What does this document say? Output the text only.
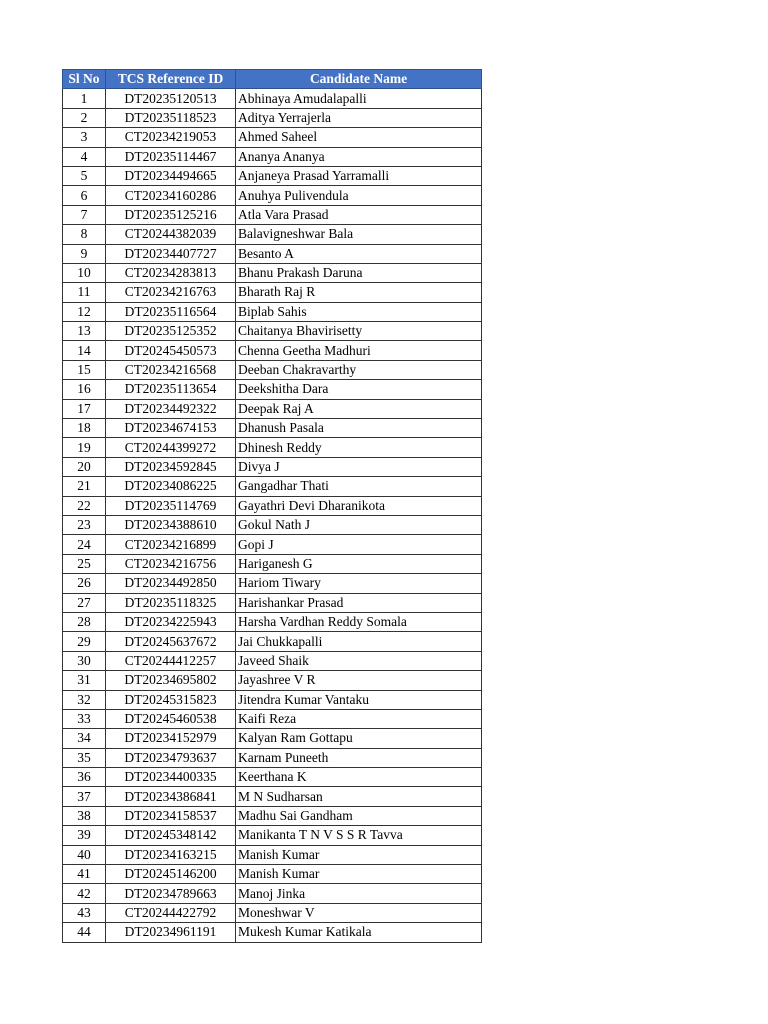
Sl No	TCS Reference ID	Candidate Name
1	DT20235120513	Abhinaya Amudalapalli
2	DT20235118523	Aditya Yerrajerla
3	CT20234219053	Ahmed Saheel
4	DT20235114467	Ananya Ananya
5	DT20234494665	Anjaneya Prasad Yarramalli
6	CT20234160286	Anuhya Pulivendula
7	DT20235125216	Atla Vara Prasad
8	CT20244382039	Balavigneshwar Bala
9	DT20234407727	Besanto A
10	CT20234283813	Bhanu Prakash Daruna
11	CT20234216763	Bharath Raj R
12	DT20235116564	Biplab Sahis
13	DT20235125352	Chaitanya Bhavirisetty
14	DT20245450573	Chenna Geetha Madhuri
15	CT20234216568	Deeban Chakravarthy
16	DT20235113654	Deekshitha Dara
17	DT20234492322	Deepak Raj A
18	DT20234674153	Dhanush Pasala
19	CT20244399272	Dhinesh Reddy
20	DT20234592845	Divya J
21	DT20234086225	Gangadhar Thati
22	DT20235114769	Gayathri Devi Dharanikota
23	DT20234388610	Gokul Nath J
24	CT20234216899	Gopi J
25	CT20234216756	Hariganesh G
26	DT20234492850	Hariom Tiwary
27	DT20235118325	Harishankar Prasad
28	DT20234225943	Harsha Vardhan Reddy Somala
29	DT20245637672	Jai Chukkapalli
30	CT20244412257	Javeed Shaik
31	DT20234695802	Jayashree V R
32	DT20245315823	Jitendra Kumar Vantaku
33	DT20245460538	Kaifi Reza
34	DT20234152979	Kalyan Ram Gottapu
35	DT20234793637	Karnam Puneeth
36	DT20234400335	Keerthana K
37	DT20234386841	M N Sudharsan
38	DT20234158537	Madhu Sai Gandham
39	DT20245348142	Manikanta T N V S S R Tavva
40	DT20234163215	Manish Kumar
41	DT20245146200	Manish Kumar
42	DT20234789663	Manoj Jinka
43	CT20244422792	Moneshwar V
44	DT20234961191	Mukesh Kumar Katikala
